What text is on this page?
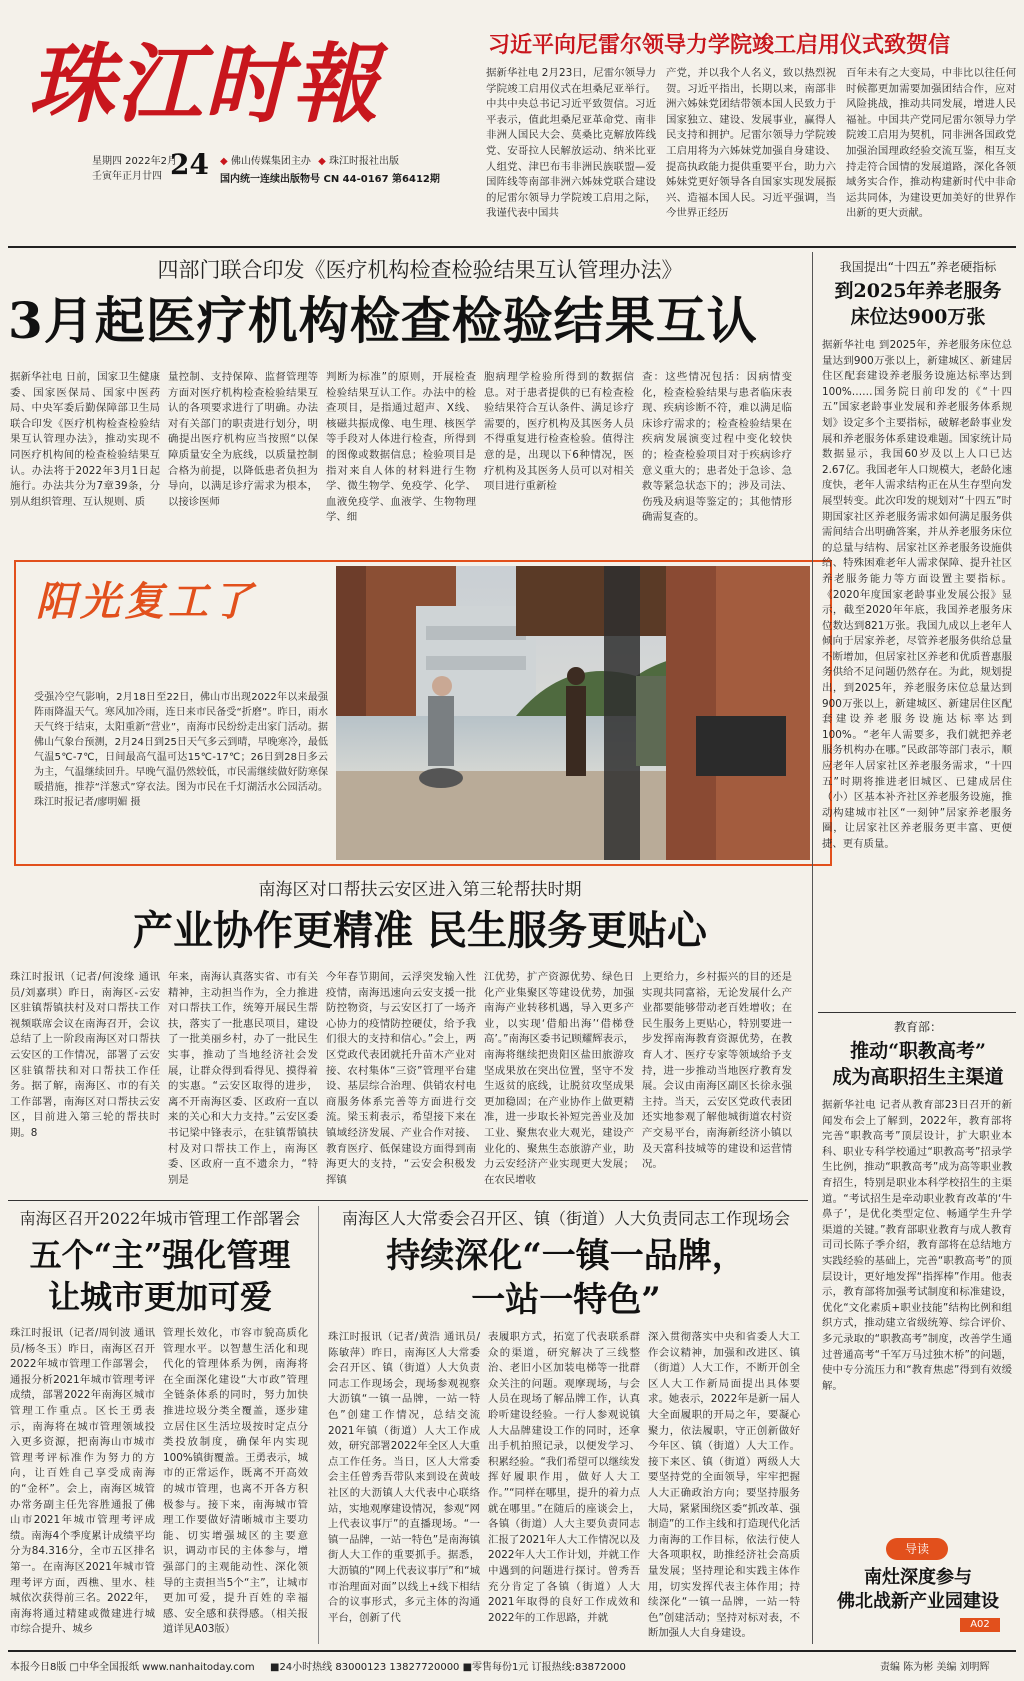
珠江时報
星期四 2022年2月
壬寅年正月廿四 24 ◆ 佛山传媒集团主办 ◆ 珠江时报社出版
国内统一连续出版物号 CN 44-0167 第6412期
习近平向尼雷尔领导力学院竣工启用仪式致贺信
据新华社电 2月23日，尼雷尔领导力学院竣工启用仪式在坦桑尼亚举行。中共中央总书记习近平致贺信。习近平表示，值此坦桑尼亚革命党、南非非洲人国民大会、莫桑比克解放阵线党、安哥拉人民解放运动、纳米比亚人组党、津巴布韦非洲民族联盟—爱国阵线等南部非洲六姊妹党联合建设的尼雷尔领导力学院竣工启用之际，我谨代表中国共
产党，并以我个人名义，致以热烈祝贺。习近平指出，长期以来，南部非洲六姊妹党团结带领本国人民致力于国家独立、建设、发展事业，赢得人民支持和拥护。尼雷尔领导力学院竣工启用将为六姊妹党加强自身建设、提高执政能力提供重要平台，助力六姊妹党更好领导各自国家实现发展振兴、造福本国人民。习近平强调，当今世界正经历
百年未有之大变局，中非比以往任何时候都更加需要加强团结合作，应对风险挑战，推动共同发展，增进人民福祉。中国共产党同尼雷尔领导力学院竣工启用为契机，同非洲各国政党加强治国理政经验交流互鉴，相互支持走符合国情的发展道路，深化各领域务实合作，推动构建新时代中非命运共同体，为建设更加美好的世界作出新的更大贡献。
四部门联合印发《医疗机构检查检验结果互认管理办法》
3月起医疗机构检查检验结果互认
据新华社电 日前，国家卫生健康委、国家医保局、国家中医药局、中央军委后勤保障部卫生局联合印发《医疗机构检查检验结果互认管理办法》，推动实现不同医疗机构间的检查检验结果互认。办法将于2022年3月1日起施行。办法共分为7章39条，分别从组织管理、互认规则、质
量控制、支持保障、监督管理等方面对医疗机构检查检验结果互认的各项要求进行了明确。办法对有关部门的职责进行划分，明确提出医疗机构应当按照“以保障质量安全为底线，以质量控制合格为前提，以降低患者负担为导向，以满足诊疗需求为根本，以接诊医师
判断为标准”的原则，开展检查检验结果互认工作。办法中的检查项目，是指通过超声、X线、核磁共振成像、电生理、核医学等手段对人体进行检查，所得到的图像或数据信息；检验项目是指对来自人体的材料进行生物学、微生物学、免疫学、化学、血液免疫学、血液学、生物物理学、细
胞病理学检验所得到的数据信息。对于患者提供的已有检查检验结果符合互认条件、满足诊疗需要的，医疗机构及其医务人员不得重复进行检查检验。值得注意的是，出现以下6种情况，医疗机构及其医务人员可以对相关项目进行重新检
查：这些情况包括：因病情变化，检查检验结果与患者临床表现、疾病诊断不符，难以满足临床诊疗需求的；检查检验结果在疾病发展演变过程中变化较快的；检查检验项目对于疾病诊疗意义重大的；患者处于急诊、急救等紧急状态下的；涉及司法、伤残及病退等鉴定的；其他情形确需复查的。
阳光复工了
受强冷空气影响，2月18日至22日，佛山市出现2022年以来最强阵雨降温天气。寒风加冷雨，连日来市民备受“折磨”。昨日，雨水天气终于结束，太阳重新“营业”，南海市民纷纷走出家门活动。据佛山气象台预测，2月24日到25日天气多云到晴，早晚寒冷，最低气温5℃-7℃，日间最高气温可达15℃-17℃；26日到28日多云为主，气温继续回升。早晚气温仍然较低，市民需继续做好防寒保暖措施，推荐“洋葱式”穿衣法。图为市民在千灯湖活水公园活动。珠江时报记者/廖明媚 摄
南海区对口帮扶云安区进入第三轮帮扶时期
产业协作更精准 民生服务更贴心
珠江时报讯（记者/何浚缘 通讯员/刘嘉琪）昨日，南海区-云安区驻镇帮镇扶村及对口帮扶工作视频联席会议在南海召开，会议总结了上一阶段南海区对口帮扶云安区的工作情况，部署了云安区驻镇帮扶和对口帮扶工作任务。据了解，南海区、市的有关工作部署，南海区对口帮扶云安区，目前进入第三轮的帮扶时期。8
年来，南海认真落实省、市有关精神，主动担当作为，全力推进对口帮扶工作，统筹开展民生帮扶，落实了一批惠民项目，建设了一批美丽乡村，办了一批民生实事，推动了当地经济社会发展，让群众得到看得见、摸得着的实惠。“云安区取得的进步，离不开南海区委、区政府一直以来的关心和大力支持。”云安区委书记梁中锋表示，在驻镇帮镇扶村及对口帮扶工作上，南海区委、区政府一直不遗余力，“特别是
今年春节期间，云浮突发输入性疫情，南海迅速向云安支援一批防控物资，与云安区打了一场齐心协力的疫情防控硬仗，给予我们很大的支持和信心。”会上，两区党政代表团就托升苗木产业对接、农村集体“三资”管理平台建设、基层综合治理、供销农村电商服务体系完善等方面进行交流。梁玉莉表示，希望接下来在镇域经济发展、产业合作对接、教育医疗、低保建设方面得到南海更大的支持，“云安会积极发挥镇
江优势，扩产资源优势、绿色日化产业集聚区等建设优势，加强南海产业转移机遇，导入更多产业，以实现‘借船出海’‘借梯登高’。”南海区委书记顾耀辉表示，南海将继续把贵阳区盐田旅游攻坚成果放在突出位置，坚守不发生返贫的底线，让脱贫攻坚成果更加稳固；在产业协作上做更精准，进一步取长补短完善业及加工业、聚焦农业大观光，建设产业化的、聚焦生态旅游产业，助力云安经济产业实现更大发展；在农民增收
上更给力，乡村振兴的目的还是实现共同富裕，无论发展什么产业都要能够带动老百姓增收；在民生服务上更贴心，特别要进一步发挥南海教育资源优势，在教育人才、医疗专家等领域给予支持，进一步推动当地医疗教育发展。会议由南海区副区长徐永强主持。当天，云安区党政代表团还实地参观了解他城街道农村资产交易平台，南海新经济小镇以及天富科技城等的建设和运营情况。
南海区召开2022年城市管理工作部署会
五个“主”强化管理
让城市更加可爱
珠江时报讯（记者/周钊波 通讯员/杨冬玉）昨日，南海区召开2022年城市管理工作部署会，通报分析2021年城市管理考评成绩，部署2022年南海区城市管理工作重点。区长王勇表示，南海将在城市管理领域投入更多资源，把南海山市城市管理考评标准作为努力的方向，让百姓自己享受成南海的“金杯”。会上，南海区城管办常务副主任先容胜通报了佛山市2021年城市管理考评成绩。南海4个季度累计成绩平均分为84.316分，全市五区排名第一。在南海区2021年城市管理考评方面，西樵、里水、桂城依次获得前三名。2022年，南海将通过精建或微建进行城市综合提升、城乡
管理长效化，市容市貌高质化管理水平。以智慧生活化和现代化的管理体系为例，南海将在全面深化建设“大市政”管理全链条体系的同时，努力加快推进垃圾分类全覆盖，逐步建立居住区生活垃圾按时定点分类投放制度，确保年内实现100%镇街覆盖。王勇表示，城市的正常运作，既离不开高效的城市管理，也离不开各方积极参与。接下来，南海城市管理工作要做好清晰城市主要功能、切实增强城区的主要意识，调动市民的主体参与，增强部门的主观能动性、深化领导的主责担当5个“主”，让城市更加可爱，提升百姓的幸福感、安全感和获得感。（相关报道详见A03版）
南海区人大常委会召开区、镇（街道）人大负责同志工作现场会
持续深化“一镇一品牌，
一站一特色”
珠江时报讯（记者/黄浩 通讯员/陈敏萍）昨日，南海区人大常委会召开区、镇（街道）人大负责同志工作现场会，现场参观视察大沥镇“一镇一品牌，一站一特色”创建工作情况，总结交流2021年镇（街道）人大工作成效，研究部署2022年全区人大重点工作任务。当日，区人大常委会主任曾秀吾带队来到设在黄岐社区的大沥镇人大代表中心联络站，实地观摩建设情况，参观“网上代表议事厅”的直播现场。“一镇一品牌，一站一特色”是南海镇街人大工作的重要抓手。据悉，大沥镇的“网上代表议事厅”和“城市治理面对面”以线上+线下相结合的议事形式，多元主体的沟通平台，创新了代
表履职方式，拓宽了代表联系群众的渠道，研究解决了三线整治、老旧小区加装电梯等一批群众关注的问题。观摩现场，与会人员在现场了解品牌工作，认真聆听建设经验。一行人参观说镇人大品牌建设工作的同时，还拿出手机拍照记录，以便发学习、积累经验。“我们希望可以继续发挥好履职作用，做好人大工作。”“同样在哪里，提升的着力点就在哪里。”在随后的座谈会上，各镇（街道）人大主要负责同志汇报了2021年人大工作情况以及2022年人大工作计划，并就工作中遇到的问题进行探讨。曾秀吾充分肯定了各镇（街道）人大2021年取得的良好工作成效和2022年的工作思路，并就
深入贯彻落实中央和省委人大工作会议精神，加强和改进区、镇（街道）人大工作，不断开创全区人大工作新局面提出具体要求。她表示，2022年是新一届人大全面履职的开局之年，要凝心聚力，依法履职，守正创新做好今年区、镇（街道）人大工作。接下来区、镇（街道）两级人大要坚持党的全面领导，牢牢把握人大正确政治方向；要坚持服务大局，紧紧围绕区委“抓改革、强制造”的工作主线和打造现代化活力南海的工作目标，依法行使人大各项职权，助推经济社会高质量发展；坚持理论和实践主体作用，切实发挥代表主体作用；持续深化“一镇一品牌，一站一特色”创建活动；坚持对标对表，不断加强人大自身建设。
我国提出“十四五”养老硬指标
到2025年养老服务
床位达900万张
据新华社电 到2025年，养老服务床位总量达到900万张以上，新建城区、新建居住区配套建设养老服务设施达标率达到100%……国务院日前印发的《“十四五”国家老龄事业发展和养老服务体系规划》设定多个主要指标，破解老龄事业发展和养老服务体系建设难题。国家统计局数据显示，我国60岁及以上人口已达2.67亿。我国老年人口规模大，老龄化速度快，老年人需求结构正在从生存型向发展型转变。此次印发的规划对“十四五”时期国家社区养老服务需求如何满足服务供需间结合出明确答案，并从养老服务床位的总量与结构、居家社区养老服务设施供给、特殊困难老年人需求保障、提升社区养老服务能力等方面设置主要指标。《2020年度国家老龄事业发展公报》显示，截至2020年年底，我国养老服务床位数达到821万张。我国九成以上老年人倾向于居家养老，尽管养老服务供给总量不断增加，但居家社区养老和优质普惠服务供给不足问题仍然存在。为此，规划提出，到2025年，养老服务床位总量达到900万张以上，新建城区、新建居住区配套建设养老服务设施达标率达到100%。“老年人需要多，我们就把养老服务机构办在哪。”民政部等部门表示，顺应老年人居家社区养老服务需求，“十四五”时期将推进老旧城区、已建成居住（小）区基本补齐社区养老服务设施，推动构建城市社区“一刻钟”居家养老服务圈，让居家社区养老服务更丰富、更便捷、更有质量。
教育部：
推动“职教高考”
成为高职招生主渠道
据新华社电 记者从教育部23日召开的新闻发布会上了解到，2022年，教育部将完善“职教高考”顶层设计，扩大职业本科、职业专科学校通过“职教高考”招录学生比例，推动“职教高考”成为高等职业教育招生，特别是职业本科学校招生的主渠道。“考试招生是牵动职业教育改革的‘牛鼻子’，是优化类型定位、畅通学生升学渠道的关键。”教育部职业教育与成人教育司司长陈子季介绍，教育部将在总结地方实践经验的基础上，完善“职教高考”的顶层设计，更好地发挥“指挥棒”作用。他表示，教育部将加强考试制度和标准建设，优化“文化素质+职业技能”结构比例和组织方式，推动建立省级统筹、综合评价、多元录取的“职教高考”制度，改善学生通过普通高考“千军万马过独木桥”的问题，使中专分流压力和“教育焦虑”得到有效缓解。
导读
南灶深度参与
佛北战新产业园建设
A02
本报今日8版 □中华全国报纸 www.nanhaitoday.com ■24小时热线 83000123 13827720000 ■零售每份1元 订报热线:83872000	责编 陈为彬 美编 刘明辉
